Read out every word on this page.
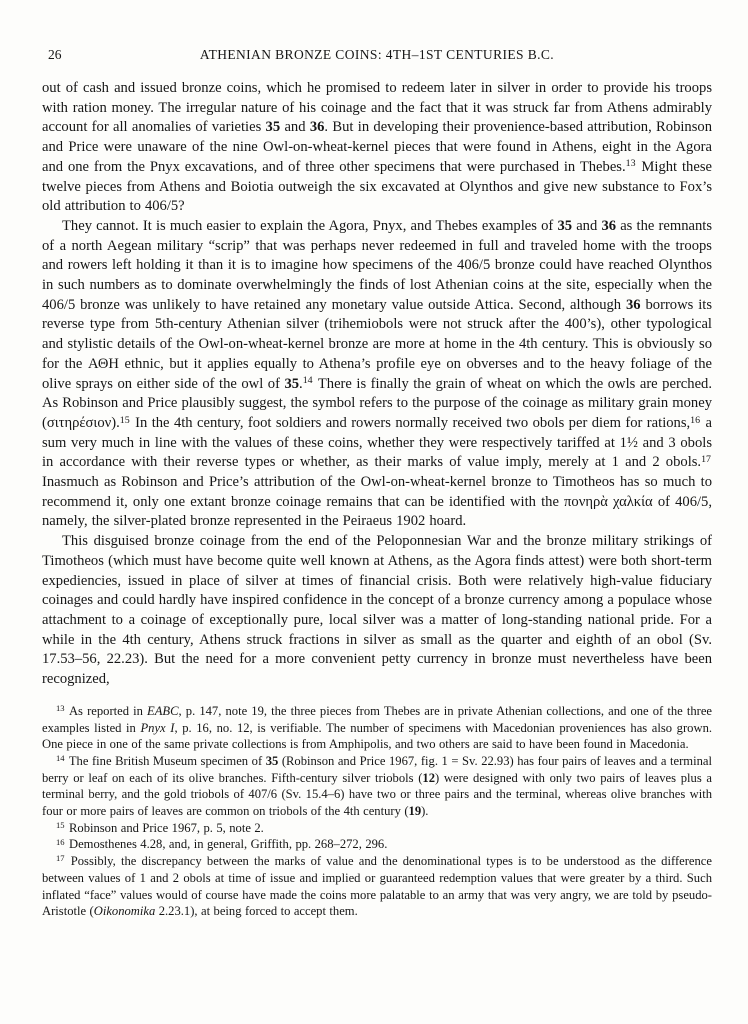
26	ATHENIAN BRONZE COINS: 4TH–1ST CENTURIES B.C.

out of cash and issued bronze coins, which he promised to redeem later in silver in order to provide his troops with ration money. The irregular nature of his coinage and the fact that it was struck far from Athens admirably account for all anomalies of varieties 35 and 36. But in developing their provenience-based attribution, Robinson and Price were unaware of the nine Owl-on-wheat-kernel pieces that were found in Athens, eight in the Agora and one from the Pnyx excavations, and of three other specimens that were purchased in Thebes.$^{13}$ Might these twelve pieces from Athens and Boiotia outweigh the six excavated at Olynthos and give new substance to Fox’s old attribution to 406/5?

They cannot. It is much easier to explain the Agora, Pnyx, and Thebes examples of 35 and 36 as the remnants of a north Aegean military “scrip” that was perhaps never redeemed in full and traveled home with the troops and rowers left holding it than it is to imagine how specimens of the 406/5 bronze could have reached Olynthos in such numbers as to dominate overwhelmingly the finds of lost Athenian coins at the site, especially when the 406/5 bronze was unlikely to have retained any monetary value outside Attica. Second, although 36 borrows its reverse type from 5th-century Athenian silver (trihemiobols were not struck after the 400’s), other typological and stylistic details of the Owl-on-wheat-kernel bronze are more at home in the 4th century. This is obviously so for the ΑΘΗ ethnic, but it applies equally to Athena’s profile eye on obverses and to the heavy foliage of the olive sprays on either side of the owl of 35.14 There is finally the grain of wheat on which the owls are perched. As Robinson and Price plausibly suggest, the symbol refers to the purpose of the coinage as military grain money (σιτηρέσιον).$^{15}$ In the 4th century, foot soldiers and rowers normally received two obols per diem for rations,$^{16}$ a sum very much in line with the values of these coins, whether they were respectively tariffed at 1½ and 3 obols in accordance with their reverse types or whether, as their marks of value imply, merely at 1 and 2 obols.$^{17}$ Inasmuch as Robinson and Price’s attribution of the Owl-on-wheat-kernel bronze to Timotheos has so much to recommend it, only one extant bronze coinage remains that can be identified with the πονηρὰ χαλκία of 406/5, namely, the silver-plated bronze represented in the Peiraeus 1902 hoard.

This disguised bronze coinage from the end of the Peloponnesian War and the bronze military strikings of Timotheos (which must have become quite well known at Athens, as the Agora finds attest) were both short-term expediencies, issued in place of silver at times of financial crisis. Both were relatively high-value fiduciary coinages and could hardly have inspired confidence in the concept of a bronze currency among a populace whose attachment to a coinage of exceptionally pure, local silver was a matter of long-standing national pride. For a while in the 4th century, Athens struck fractions in silver as small as the quarter and eighth of an obol (Sv. 17.53–56, 22.23). But the need for a more convenient petty currency in bronze must nevertheless have been recognized,

$^{13}$ As reported in EABC, p. 147, note 19, the three pieces from Thebes are in private Athenian collections, and one of the three examples listed in Pnyx I, p. 16, no. 12, is verifiable. The number of specimens with Macedonian proveniences has also grown. One piece in one of the same private collections is from Amphipolis, and two others are said to have been found in Macedonia.

$^{14}$ The fine British Museum specimen of 35 (Robinson and Price 1967, fig. 1 = Sv. 22.93) has four pairs of leaves and a terminal berry or leaf on each of its olive branches. Fifth-century silver triobols (12) were designed with only two pairs of leaves plus a terminal berry, and the gold triobols of 407/6 (Sv. 15.4–6) have two or three pairs and the terminal, whereas olive branches with four or more pairs of leaves are common on triobols of the 4th century (19).

$^{15}$ Robinson and Price 1967, p. 5, note 2.

$^{16}$ Demosthenes 4.28, and, in general, Griffith, pp. 268–272, 296.

$^{17}$ Possibly, the discrepancy between the marks of value and the denominational types is to be understood as the difference between values of 1 and 2 obols at time of issue and implied or guaranteed redemption values that were greater by a third. Such inflated “face” values would of course have made the coins more palatable to an army that was very angry, we are told by pseudo-Aristotle (Oikonomika 2.23.1), at being forced to accept them.
